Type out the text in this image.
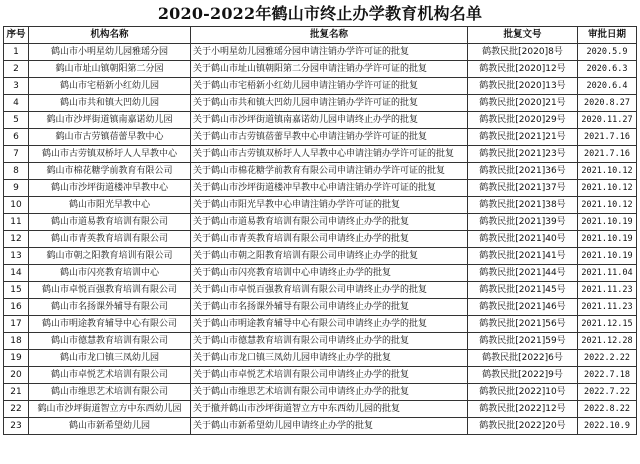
2020-2022年鹤山市终止办学教育机构名单
序号	机构名称	批复名称	批复文号	审批日期
1	鹤山市小明星幼儿园雅瑶分园	关于小明星幼儿园雅瑶分园申请注销办学许可证的批复	鹤教民批[2020]8号	2020.5.9
2	鹤山市址山镇朝阳第二分园	关于鹤山市址山镇朝阳第二分园申请注销办学许可证的批复	鹤教民批[2020]12号	2020.6.3
3	鹤山市宅梧新小红幼儿园	关于鹤山市宅梧新小红幼儿园申请注销办学许可证的批复	鹤教民批[2020]13号	2020.6.4
4	鹤山市共和镇大凹幼儿园	关于鹤山市共和镇大凹幼儿园申请注销办学许可证的批复	鹤教民批[2020]21号	2020.8.27
5	鹤山市沙坪街道镇南嘉诺幼儿园	关于鹤山市沙坪街道镇南嘉诺幼儿园申请终止办学的批复	鹤教民批[2020]29号	2020.11.27
6	鹤山市古劳镇蓓蕾早教中心	关于鹤山市古劳镇蓓蕾早教中心申请注销办学许可证的批复	鹤教民批[2021]21号	2021.7.16
7	鹤山市古劳镇双桥圩人人早教中心	关于鹤山市古劳镇双桥圩人人早教中心申请注销办学许可证的批复	鹤教民批[2021]23号	2021.7.16
8	鹤山市棉花糖学前教育有限公司	关于鹤山市棉花糖学前教育有限公司申请注销办学许可证的批复	鹤教民批[2021]36号	2021.10.12
9	鹤山市沙坪街道楼冲早教中心	关于鹤山市沙坪街道楼冲早教中心申请注销办学许可证的批复	鹤教民批[2021]37号	2021.10.12
10	鹤山市阳光早教中心	关于鹤山市阳光早教中心申请注销办学许可证的批复	鹤教民批[2021]38号	2021.10.12
11	鹤山市道易教育培训有限公司	关于鹤山市道易教育培训有限公司申请终止办学的批复	鹤教民批[2021]39号	2021.10.19
12	鹤山市青英教育培训有限公司	关于鹤山市青英教育培训有限公司申请终止办学的批复	鹤教民批[2021]40号	2021.10.19
13	鹤山市朝之阳教育培训有限公司	关于鹤山市朝之阳教育培训有限公司申请终止办学的批复	鹤教民批[2021]41号	2021.10.19
14	鹤山市闪亮教育培训中心	关于鹤山市闪亮教育培训中心申请终止办学的批复	鹤教民批[2021]44号	2021.11.04
15	鹤山市卓悦百强教育培训有限公司	关于鹤山市卓悦百强教育培训有限公司申请终止办学的批复	鹤教民批[2021]45号	2021.11.23
16	鹤山市名扬课外辅导有限公司	关于鹤山市名扬课外辅导有限公司申请终止办学的批复	鹤教民批[2021]46号	2021.11.23
17	鹤山市明途教育辅导中心有限公司	关于鹤山市明途教育辅导中心有限公司申请终止办学的批复	鹤教民批[2021]56号	2021.12.15
18	鹤山市德慧教育培训有限公司	关于鹤山市德慧教育培训有限公司申请终止办学的批复	鹤教民批[2021]59号	2021.12.28
19	鹤山市龙口镇三凤幼儿园	关于鹤山市龙口镇三凤幼儿园申请终止办学的批复	鹤教民批[2022]6号	2022.2.22
20	鹤山市卓悦艺术培训有限公司	关于鹤山市卓悦艺术培训有限公司申请终止办学的批复	鹤教民批[2022]9号	2022.7.18
21	鹤山市维思艺术培训有限公司	关于鹤山市维思艺术培训有限公司申请终止办学的批复	鹤教民批[2022]10号	2022.7.22
22	鹤山市沙坪街道智立方中东西幼儿园	关于撤并鹤山市沙坪街道智立方中东西幼儿园的批复	鹤教民批[2022]12号	2022.8.22
23	鹤山市新希望幼儿园	关于鹤山市新希望幼儿园申请终止办学的批复	鹤教民批[2022]20号	2022.10.9
